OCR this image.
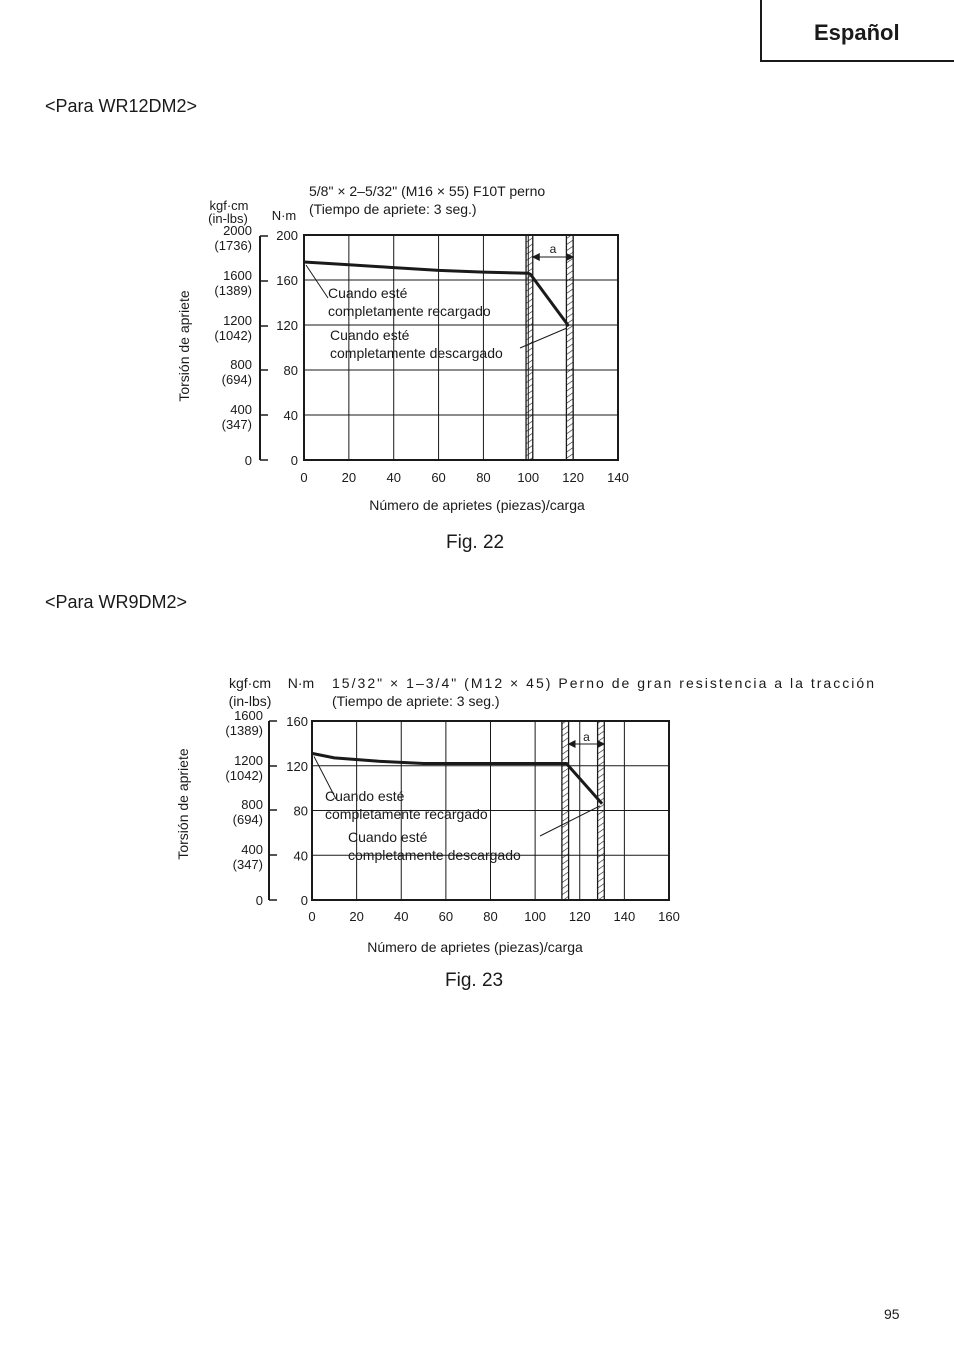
Español
<Para WR12DM2>
5/8" × 2–5/32" (M16 × 55) F10T perno
(Tiempo de apriete: 3 seg.)
kgf·cm
(in-lbs) N·m
Torsión de apriete
Número de aprietes (piezas)/carga
0	20 40 60 80 100 120 140
0
40
80
120
160
200
0
400
(347)
800
(694)
1200
(1042)
1600
(1389)
2000
(1736)	a
Cuando esté
completamente recargado
Cuando esté
completamente descargado
Fig. 22
<Para WR9DM2>
kgf·cm
(in-lbs)
N·m 15/32" × 1–3/4" (M12 × 45) Perno de gran resistencia a la tracción
(Tiempo de apriete: 3 seg.)
Torsión de apriete
Número de aprietes (piezas)/carga
0	20 40 60 80 100 120 140 160
0
40
80
120
160
0
400
(347)
800
(694)
1200
(1042)
1600
(1389)	a
Cuando esté
completamente recargado
Cuando esté
completamente descargado
Fig. 23
95
